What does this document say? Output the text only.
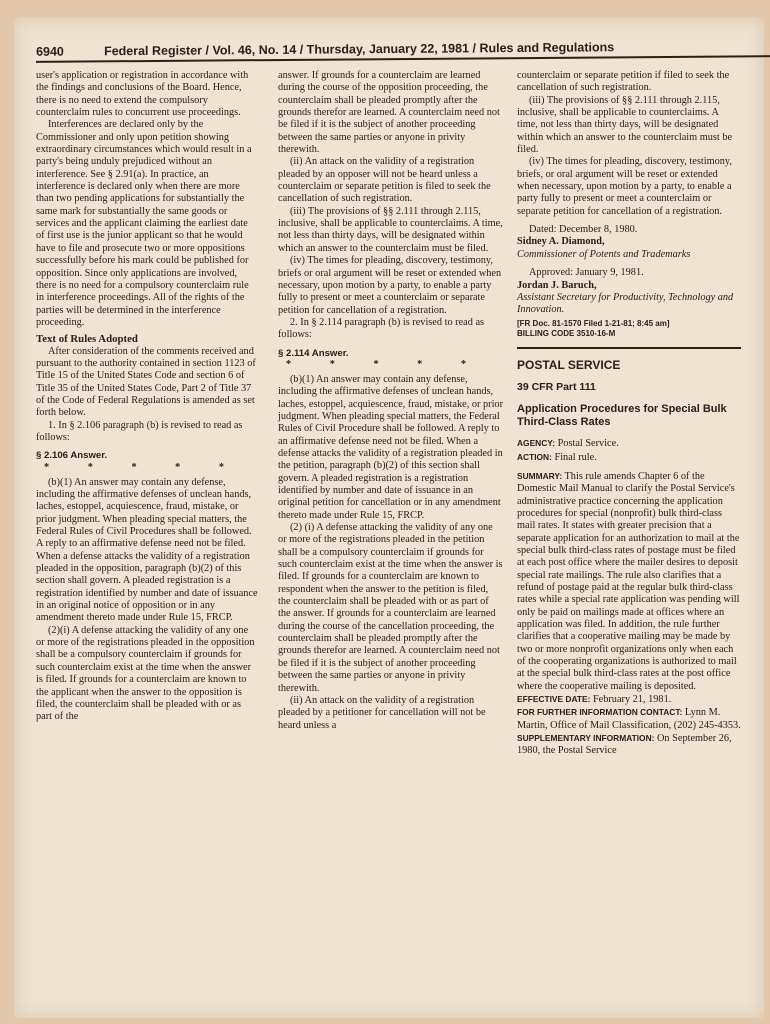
6940	Federal Register / Vol. 46, No. 14 / Thursday, January 22, 1981 / Rules and Regulations

user's application or registration in accordance with the findings and conclusions of the Board. Hence, there is no need to extend the compulsory counterclaim rules to concurrent use proceedings.

Interferences are declared only by the Commissioner and only upon petition showing extraordinary circumstances which would result in a party's being unduly prejudiced without an interference. See § 2.91(a). In practice, an interference is declared only when there are more than two pending applications for substantially the same mark for substantially the same goods or services and the applicant claiming the earliest date of first use is the junior applicant so that he would have to file and prosecute two or more oppositions successfully before his mark could be published for opposition. Since only applications are involved, there is no need for a compulsory counterclaim rule in interference proceedings. All of the rights of the parties will be determined in the interference proceeding.

Text of Rules Adopted

After consideration of the comments received and pursuant to the authority contained in section 1123 of Title 15 of the United States Code and section 6 of Title 35 of the United States Code, Part 2 of Title 37 of the Code of Federal Regulations is amended as set forth below.

1. In § 2.106 paragraph (b) is revised to read as follows:

§ 2.106 Answer.

* * * * *

(b)(1) An answer may contain any defense, including the affirmative defenses of unclean hands, laches, estoppel, acquiescence, fraud, mistake, or prior judgment. When pleading special matters, the Federal Rules of Civil Procedures shall be followed. A reply to an affirmative defense need not be filed. When a defense attacks the validity of a registration pleaded in the opposition, paragraph (b)(2) of this section shall govern. A pleaded registration is a registration identified by number and date of issuance in an original notice of opposition or in any amendment thereto made under Rule 15, FRCP.

(2)(i) A defense attacking the validity of any one or more of the registrations pleaded in the opposition shall be a compulsory counterclaim if grounds for such counterclaim exist at the time when the answer is filed. If grounds for a counterclaim are known to the applicant when the answer to the opposition is filed, the counterclaim shall be pleaded with or as part of the

answer. If grounds for a counterclaim are learned during the course of the opposition proceeding, the counterclaim shall be pleaded promptly after the grounds therefor are learned. A counterclaim need not be filed if it is the subject of another proceeding between the same parties or anyone in privity therewith.

(ii) An attack on the validity of a registration pleaded by an opposer will not be heard unless a counterclaim or separate petition is filed to seek the cancellation of such registration.

(iii) The provisions of §§ 2.111 through 2.115, inclusive, shall be applicable to counterclaims. A time, not less than thirty days, will be designated within which an answer to the counterclaim must be filed.

(iv) The times for pleading, discovery, testimony, briefs or oral argument will be reset or extended when necessary, upon motion by a party, to enable a party fully to present or meet a counterclaim or separate petition for cancellation of a registration.

2. In § 2.114 paragraph (b) is revised to read as follows:

§ 2.114 Answer.

* * * * *

(b)(1) An answer may contain any defense, including the affirmative defenses of unclean hands, laches, estoppel, acquiescence, fraud, mistake, or prior judgment. When pleading special matters, the Federal Rules of Civil Procedure shall be followed. A reply to an affirmative defense need not be filed. When a defense attacks the validity of a registration pleaded in the petition, paragraph (b)(2) of this section shall govern. A pleaded registration is a registration identified by number and date of issuance in an original petition for cancellation or in any amendment thereto made under Rule 15, FRCP.

(2) (i) A defense attacking the validity of any one or more of the registrations pleaded in the petition shall be a compulsory counterclaim if grounds for such counterclaim exist at the time when the answer is filed. If grounds for a counterclaim are known to respondent when the answer to the petition is filed, the counterclaim shall be pleaded with or as part of the answer. If grounds for a counterclaim are learned during the course of the cancellation proceeding, the counterclaim shall be pleaded promptly after the grounds therefor are learned. A counterclaim need not be filed if it is the subject of another proceeding between the same parties or anyone in privity therewith.

(ii) An attack on the validity of a registration pleaded by a petitioner for cancellation will not be heard unless a

counterclaim or separate petition if filed to seek the cancellation of such registration.

(iii) The provisions of §§ 2.111 through 2.115, inclusive, shall be applicable to counterclaims. A time, not less than thirty days, will be designated within which an answer to the counterclaim must be filed.

(iv) The times for pleading, discovery, testimony, briefs, or oral argument will be reset or extended when necessary, upon motion by a party, to enable a party fully to present or meet a counterclaim or separate petition for cancellation of a registration.

Dated: December 8, 1980.

Sidney A. Diamond,

Commissioner of Potents and Trademarks

Approved: January 9, 1981.

Jordan J. Baruch,

Assistant Secretary for Productivity, Technology and Innovation.

[FR Doc. 81-1570 Filed 1-21-81; 8:45 am]

BILLING CODE 3510-16-M

POSTAL SERVICE
39 CFR Part 111
Application Procedures for Special Bulk Third-Class Rates

AGENCY: Postal Service.

ACTION: Final rule.

SUMMARY: This rule amends Chapter 6 of the Domestic Mail Manual to clarify the Postal Service's administrative practice concerning the application procedures for special (nonprofit) bulk third-class mail rates. It states with greater precision that a separate application for an authorization to mail at the special bulk third-class rates of postage must be filed at each post office where the mailer desires to deposit special rate mailings. The rule also clarifies that a refund of postage paid at the regular bulk third-class rates while a special rate application was pending will only be paid on mailings made at offices where an application was filed. In addition, the rule further clarifies that a cooperative mailing may be made by two or more nonprofit organizations only when each of the cooperating organizations is authorized to mail at the special bulk third-class rates at the post office where the cooperative mailing is deposited.

EFFECTIVE DATE: February 21, 1981.

FOR FURTHER INFORMATION CONTACT: Lynn M. Martin, Office of Mail Classification, (202) 245-4353.

SUPPLEMENTARY INFORMATION: On September 26, 1980, the Postal Service
